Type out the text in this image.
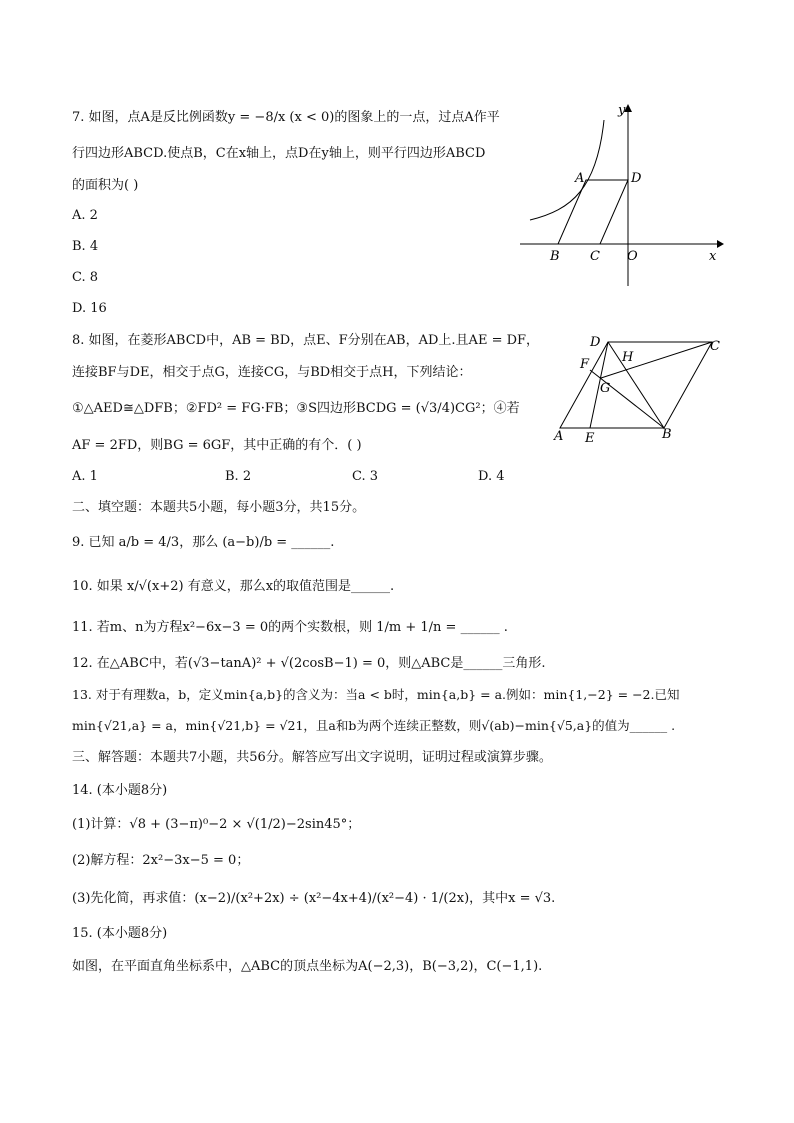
7. 如图，点A是反比例函数y = −8/x (x < 0)的图象上的一点，过点A作平
行四边形ABCD.使点B，C在x轴上，点D在y轴上，则平行四边形ABCD
的面积为( )
A. 2
B. 4
C. 8
D. 16
A	D
B C O	x
y
8. 如图，在菱形ABCD中，AB = BD，点E、F分别在AB，AD上.且AE = DF，
连接BF与DE，相交于点G，连接CG，与BD相交于点H，下列结论：
①△AED≅△DFB；②FD² = FG·FB；③S四边形BCDG = (√3/4)CG²；④若
AF = 2FD，则BG = 6GF，其中正确的有个．( )
A. 1	B. 2	C. 3	D. 4
D	C
H
F
G
A E	B
二、填空题：本题共5小题，每小题3分，共15分。
9. 已知 a/b = 4/3，那么 (a−b)/b = ______.
10. 如果 x/√(x+2) 有意义，那么x的取值范围是______.
11. 若m、n为方程x²−6x−3 = 0的两个实数根，则 1/m + 1/n = ______ .
12. 在△ABC中，若(√3−tanA)² + √(2cosB−1) = 0，则△ABC是______三角形.
13. 对于有理数a，b，定义min{a,b}的含义为：当a < b时，min{a,b} = a.例如：min{1,−2} = −2.已知
min{√21,a} = a，min{√21,b} = √21，且a和b为两个连续正整数，则√(ab)−min{√5,a}的值为______ .
三、解答题：本题共7小题，共56分。解答应写出文字说明，证明过程或演算步骤。
14. (本小题8分)
(1)计算：√8 + (3−π)⁰−2 × √(1/2)−2sin45°；
(2)解方程：2x²−3x−5 = 0；
(3)先化简，再求值：(x−2)/(x²+2x) ÷ (x²−4x+4)/(x²−4) · 1/(2x)，其中x = √3.
15. (本小题8分)
如图，在平面直角坐标系中，△ABC的顶点坐标为A(−2,3)，B(−3,2)，C(−1,1).
